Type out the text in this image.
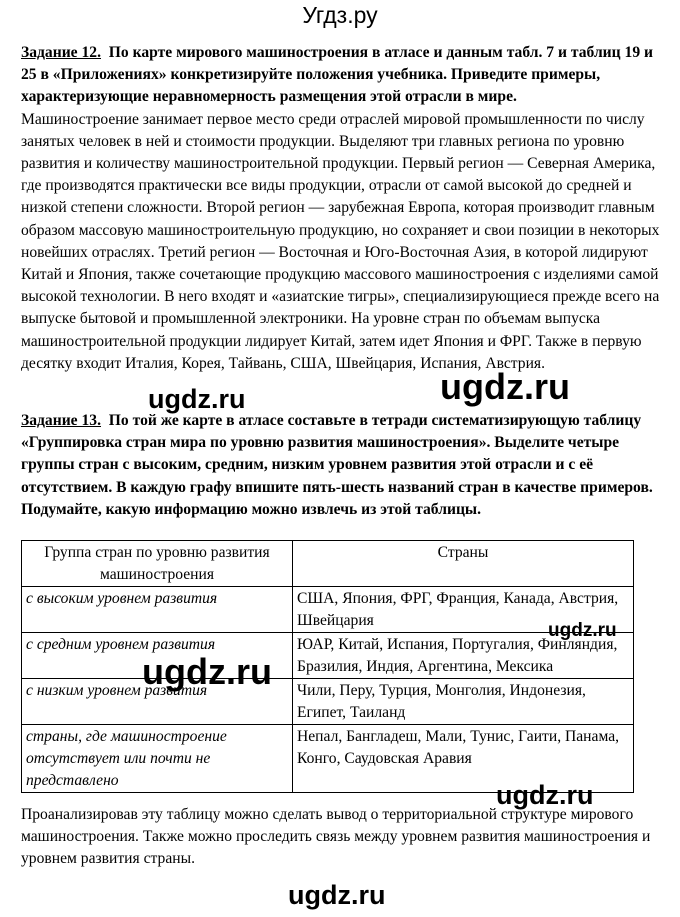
Угдз.ру
Задание 12. По карте мирового машиностроения в атласе и данным табл. 7 и таблиц 19 и 25 в «Приложениях» конкретизируйте положения учебника. Приведите примеры, характеризующие неравномерность размещения этой отрасли в мире.

Машиностроение занимает первое место среди отраслей мировой промышленности по числу занятых человек в ней и стоимости продукции. Выделяют три главных региона по уровню развития и количеству машиностроительной продукции. Первый регион — Северная Америка, где производятся практически все виды продукции, отрасли от самой высокой до средней и низкой степени сложности. Второй регион — зарубежная Европа, которая производит главным образом массовую машиностроительную продукцию, но сохраняет и свои позиции в некоторых новейших отраслях. Третий регион — Восточная и Юго-Восточная Азия, в которой лидируют Китай и Япония, также сочетающие продукцию массового машиностроения с изделиями самой высокой технологии. В него входят и «азиатские тигры», специализирующиеся прежде всего на выпуске бытовой и промышленной электроники. На уровне стран по объемам выпуска машиностроительной продукции лидирует Китай, затем идет Япония и ФРГ. Также в первую десятку входит Италия, Корея, Тайвань, США, Швейцария, Испания, Австрия.

Задание 13. По той же карте в атласе составьте в тетради систематизирующую таблицу «Группировка стран мира по уровню развития машиностроения». Выделите четыре группы стран с высоким, средним, низким уровнем развития этой отрасли и с её отсутствием. В каждую графу впишите пять-шесть названий стран в качестве примеров. Подумайте, какую информацию можно извлечь из этой таблицы.
Группа стран по уровню развития машиностроения	Страны
с высоким уровнем развития	США, Япония, ФРГ, Франция, Канада, Австрия, Швейцария
с средним уровнем развития	ЮАР, Китай, Испания, Португалия, Финляндия, Бразилия, Индия, Аргентина, Мексика
с низким уровнем развития	Чили, Перу, Турция, Монголия, Индонезия, Египет, Таиланд
страны, где машиностроение отсутствует или почти не представлено	Непал, Бангладеш, Мали, Тунис, Гаити, Панама, Конго, Саудовская Аравия

Проанализировав эту таблицу можно сделать вывод о территориальной структуре мирового машиностроения. Также можно проследить связь между уровнем развития машиностроения и уровнем развития страны.

ugdz.ru
ugdz.ru
ugdz.ru
ugdz.ru
ugdz.ru
ugdz.ru
